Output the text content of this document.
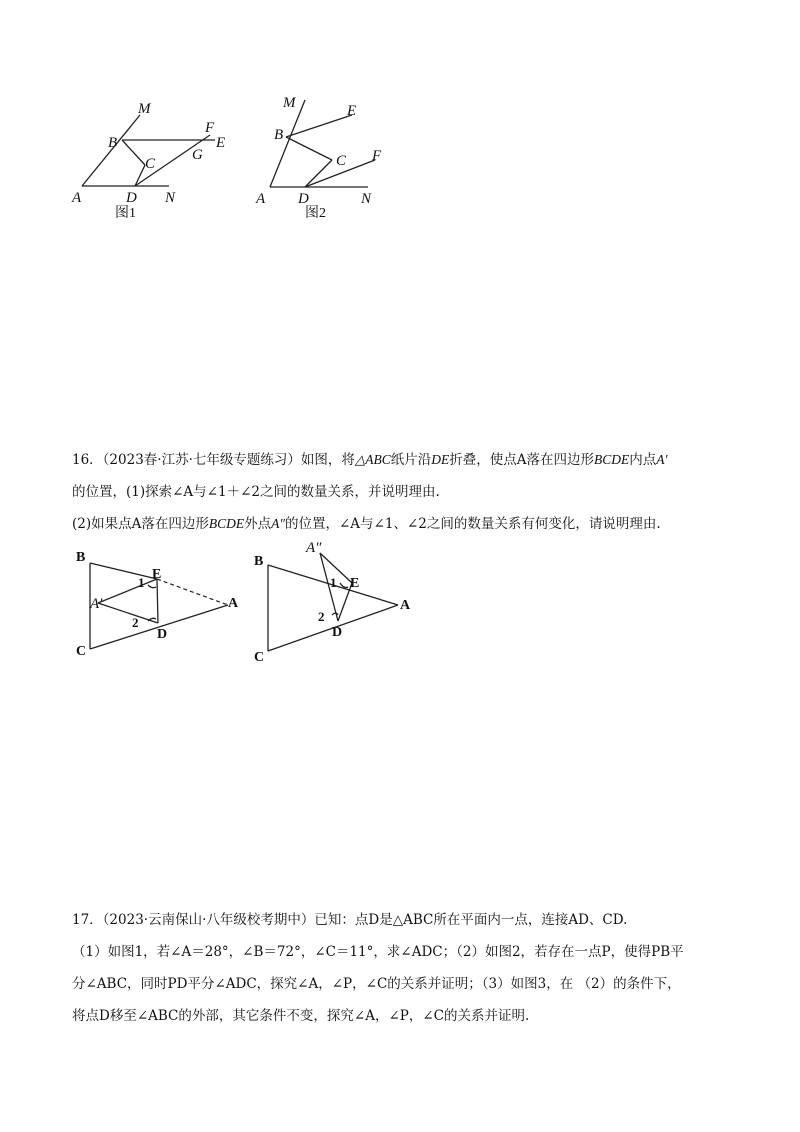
M
B
F
E
G
C
A	D N
图1
M	E
B
C F
A D	N
图2
16．（2023春·江苏·七年级专题练习）如图，将△ABC纸片沿DE折叠，使点A落在四边形BCDE内点A′
的位置，(1)探索∠A与∠1＋∠2之间的数量关系，并说明理由.
(2)如果点A落在四边形BCDE外点A″的位置，∠A与∠1、∠2之间的数量关系有何变化，请说明理由.
B
E
1
A′	A
2
D
C
B
A″
1 E
A
2
D
C
17．（2023·云南保山·八年级校考期中）已知：点D是△ABC所在平面内一点，连接AD、CD.
（1）如图1，若∠A＝28°，∠B＝72°，∠C＝11°，求∠ADC；（2）如图2，若存在一点P，使得PB平
分∠ABC，同时PD平分∠ADC，探究∠A，∠P，∠C的关系并证明；（3）如图3，在 （2）的条件下，
将点D移至∠ABC的外部，其它条件不变，探究∠A，∠P，∠C的关系并证明.
